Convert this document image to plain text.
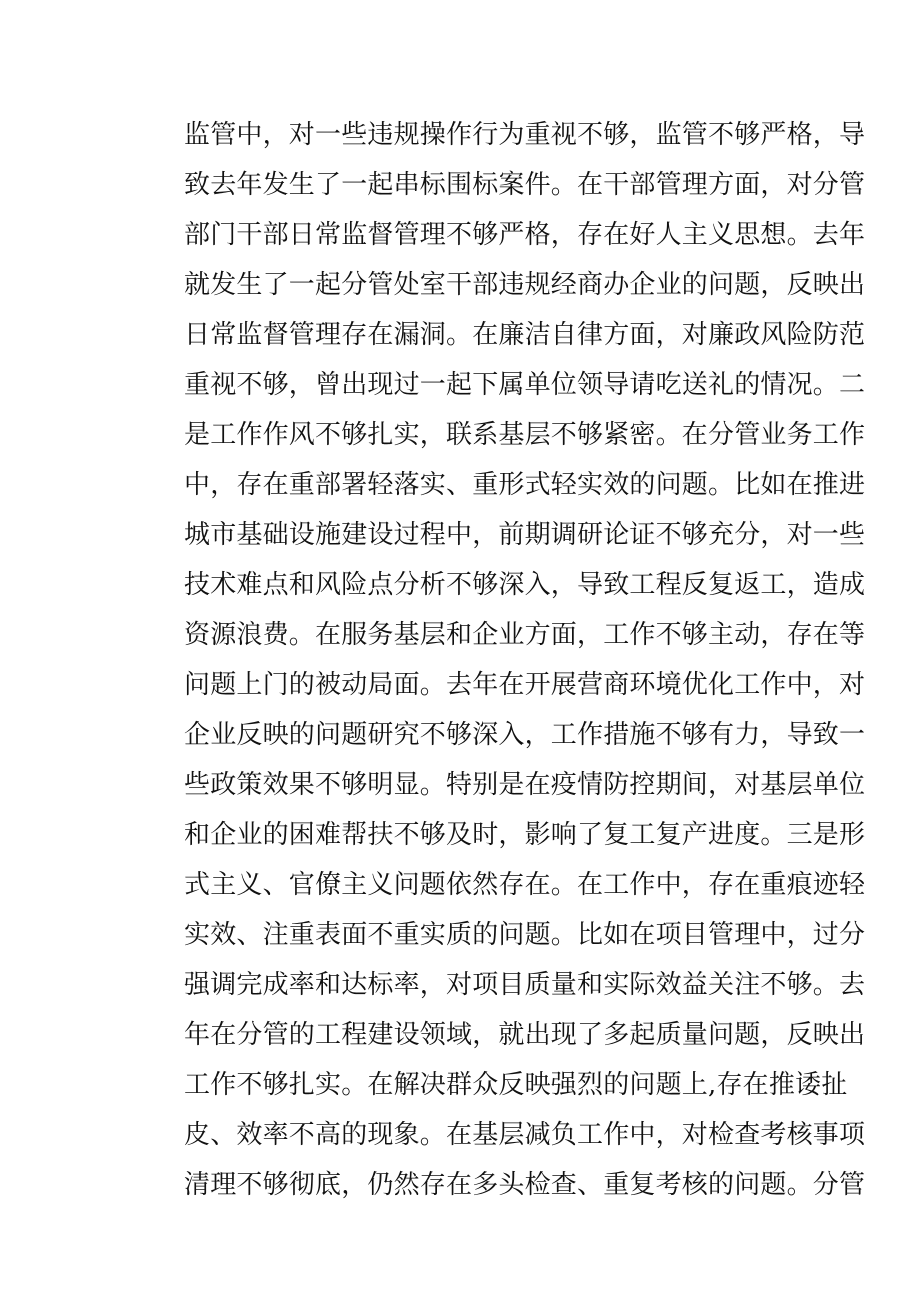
监管中，对一些违规操作行为重视不够，监管不够严格，导
致去年发生了一起串标围标案件。在干部管理方面，对分管
部门干部日常监督管理不够严格，存在好人主义思想。去年
就发生了一起分管处室干部违规经商办企业的问题，反映出
日常监督管理存在漏洞。在廉洁自律方面，对廉政风险防范
重视不够，曾出现过一起下属单位领导请吃送礼的情况。二
是工作作风不够扎实，联系基层不够紧密。在分管业务工作
中，存在重部署轻落实、重形式轻实效的问题。比如在推进
城市基础设施建设过程中，前期调研论证不够充分，对一些
技术难点和风险点分析不够深入，导致工程反复返工，造成
资源浪费。在服务基层和企业方面，工作不够主动，存在等
问题上门的被动局面。去年在开展营商环境优化工作中，对
企业反映的问题研究不够深入，工作措施不够有力，导致一
些政策效果不够明显。特别是在疫情防控期间，对基层单位
和企业的困难帮扶不够及时，影响了复工复产进度。三是形
式主义、官僚主义问题依然存在。在工作中，存在重痕迹轻
实效、注重表面不重实质的问题。比如在项目管理中，过分
强调完成率和达标率，对项目质量和实际效益关注不够。去
年在分管的工程建设领域，就出现了多起质量问题，反映出
工作不够扎实。在解决群众反映强烈的问题上,存在推诿扯
皮、效率不高的现象。在基层减负工作中，对检查考核事项
清理不够彻底，仍然存在多头检查、重复考核的问题。分管
